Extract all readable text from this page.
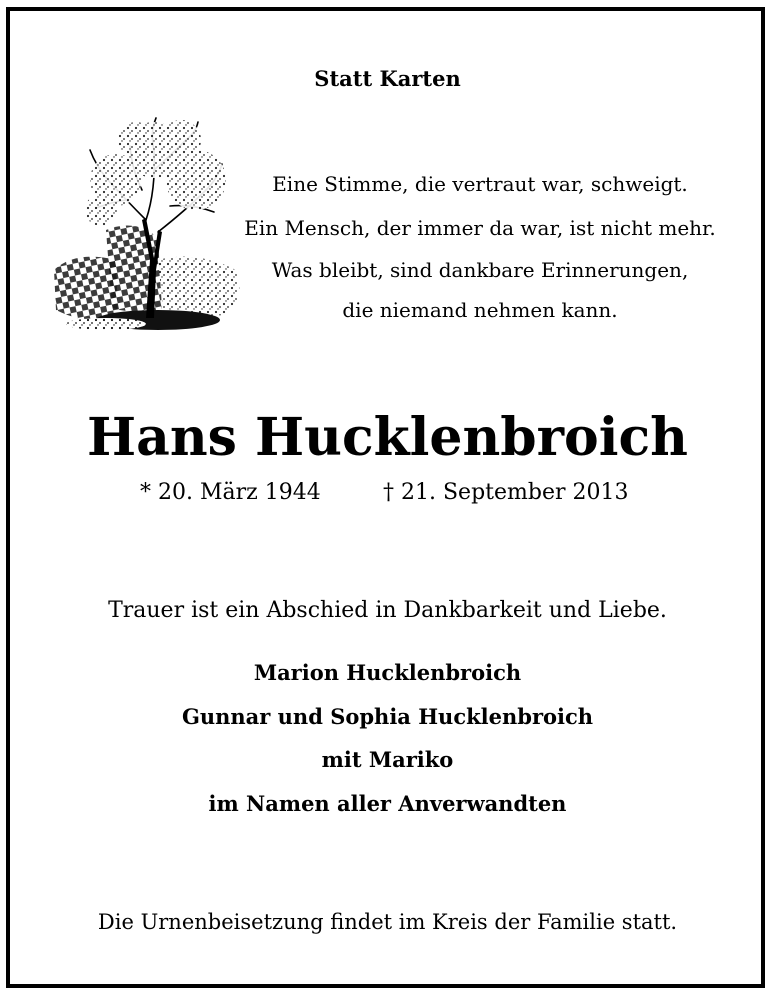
Statt Karten
Eine Stimme, die vertraut war, schweigt.
Ein Mensch, der immer da war, ist nicht mehr.
Was bleibt, sind dankbare Erinnerungen,
die niemand nehmen kann.
Hans Hucklenbroich
* 20. März 1944	† 21. September 2013
Trauer ist ein Abschied in Dankbarkeit und Liebe.
Marion Hucklenbroich
Gunnar und Sophia Hucklenbroich
mit Mariko
im Namen aller Anverwandten
Die Urnenbeisetzung findet im Kreis der Familie statt.
